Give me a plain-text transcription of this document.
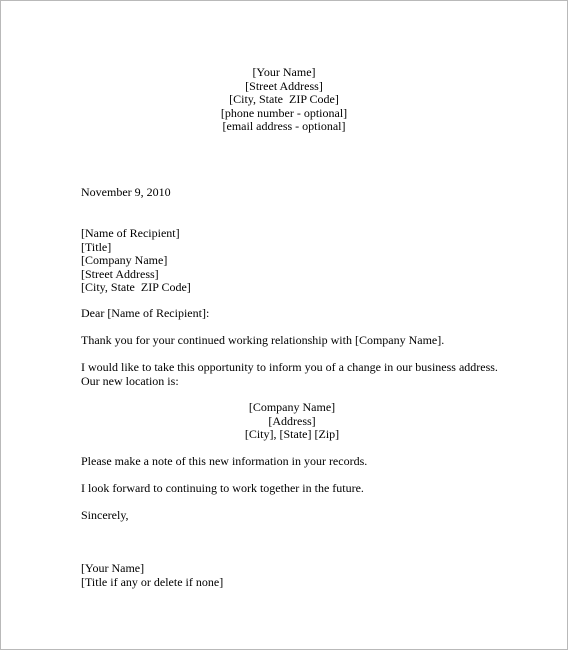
[Your Name]
[Street Address]
[City, State  ZIP Code]
[phone number - optional]
[email address - optional]
November 9, 2010
[Name of Recipient]
[Title]
[Company Name]
[Street Address]
[City, State  ZIP Code]
Dear [Name of Recipient]:
Thank you for your continued working relationship with [Company Name].
I would like to take this opportunity to inform you of a change in our business address.
Our new location is:
[Company Name]
[Address]
[City], [State] [Zip]
Please make a note of this new information in your records.
I look forward to continuing to work together in the future.
Sincerely,
[Your Name]
[Title if any or delete if none]
